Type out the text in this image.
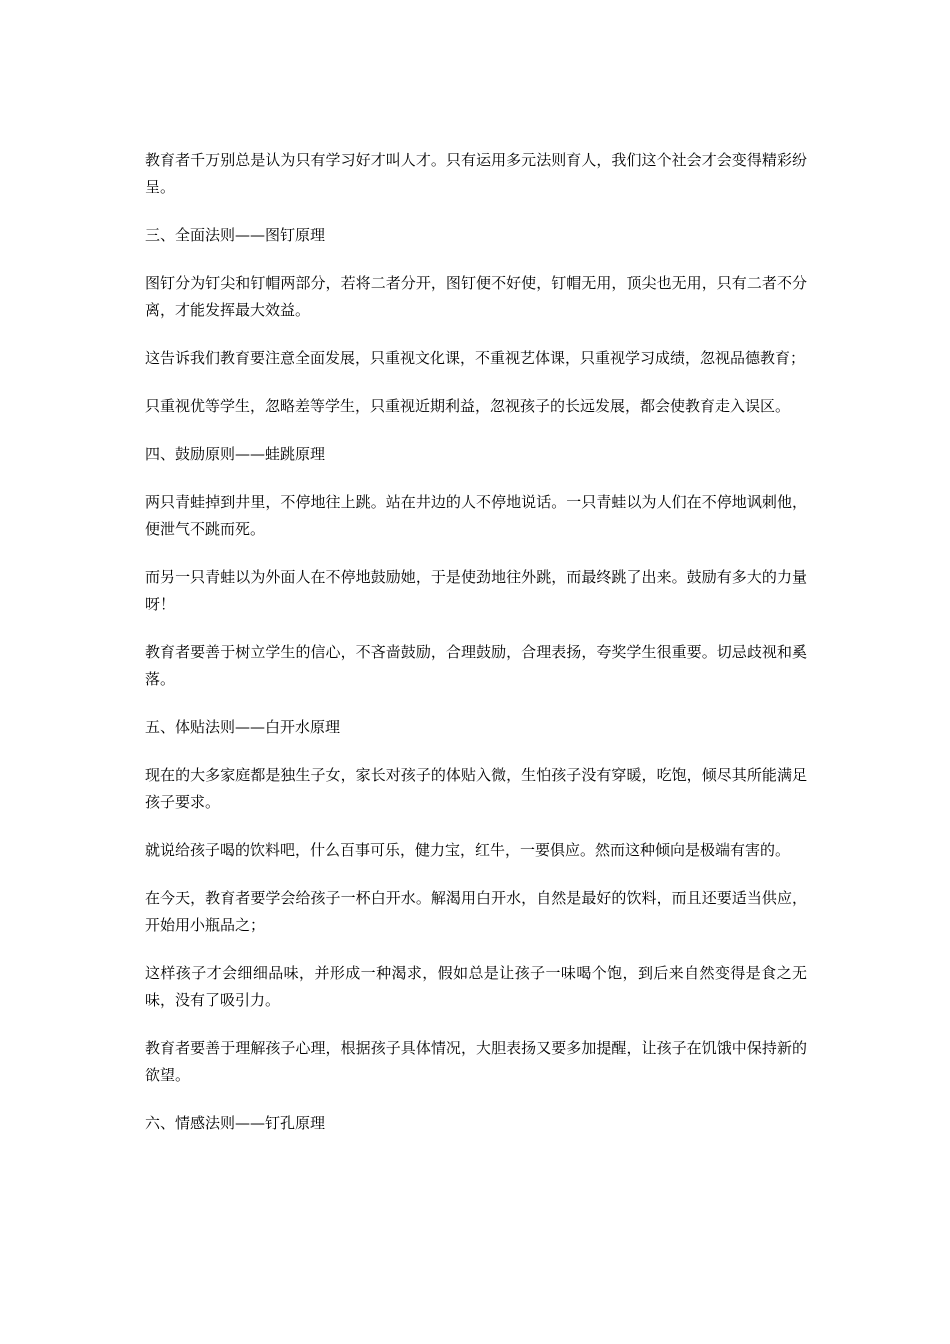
教育者千万别总是认为只有学习好才叫人才。只有运用多元法则育人，我们这个社会才会变得精彩纷呈。

三、全面法则——图钉原理

图钉分为钉尖和钉帽两部分，若将二者分开，图钉便不好使，钉帽无用，顶尖也无用，只有二者不分离，才能发挥最大效益。

这告诉我们教育要注意全面发展，只重视文化课，不重视艺体课，只重视学习成绩，忽视品德教育；

只重视优等学生，忽略差等学生，只重视近期利益，忽视孩子的长远发展，都会使教育走入误区。

四、鼓励原则——蛙跳原理

两只青蛙掉到井里，不停地往上跳。站在井边的人不停地说话。一只青蛙以为人们在不停地讽刺他，便泄气不跳而死。

而另一只青蛙以为外面人在不停地鼓励她，于是使劲地往外跳，而最终跳了出来。鼓励有多大的力量呀！

教育者要善于树立学生的信心，不吝啬鼓励，合理鼓励，合理表扬，夸奖学生很重要。切忌歧视和奚落。

五、体贴法则——白开水原理

现在的大多家庭都是独生子女，家长对孩子的体贴入微，生怕孩子没有穿暖，吃饱，倾尽其所能满足孩子要求。

就说给孩子喝的饮料吧，什么百事可乐，健力宝，红牛，一要俱应。然而这种倾向是极端有害的。

在今天，教育者要学会给孩子一杯白开水。解渴用白开水，自然是最好的饮料，而且还要适当供应，开始用小瓶品之；

这样孩子才会细细品味，并形成一种渴求，假如总是让孩子一味喝个饱，到后来自然变得是食之无味，没有了吸引力。

教育者要善于理解孩子心理，根据孩子具体情况，大胆表扬又要多加提醒，让孩子在饥饿中保持新的欲望。

六、情感法则——钉孔原理
